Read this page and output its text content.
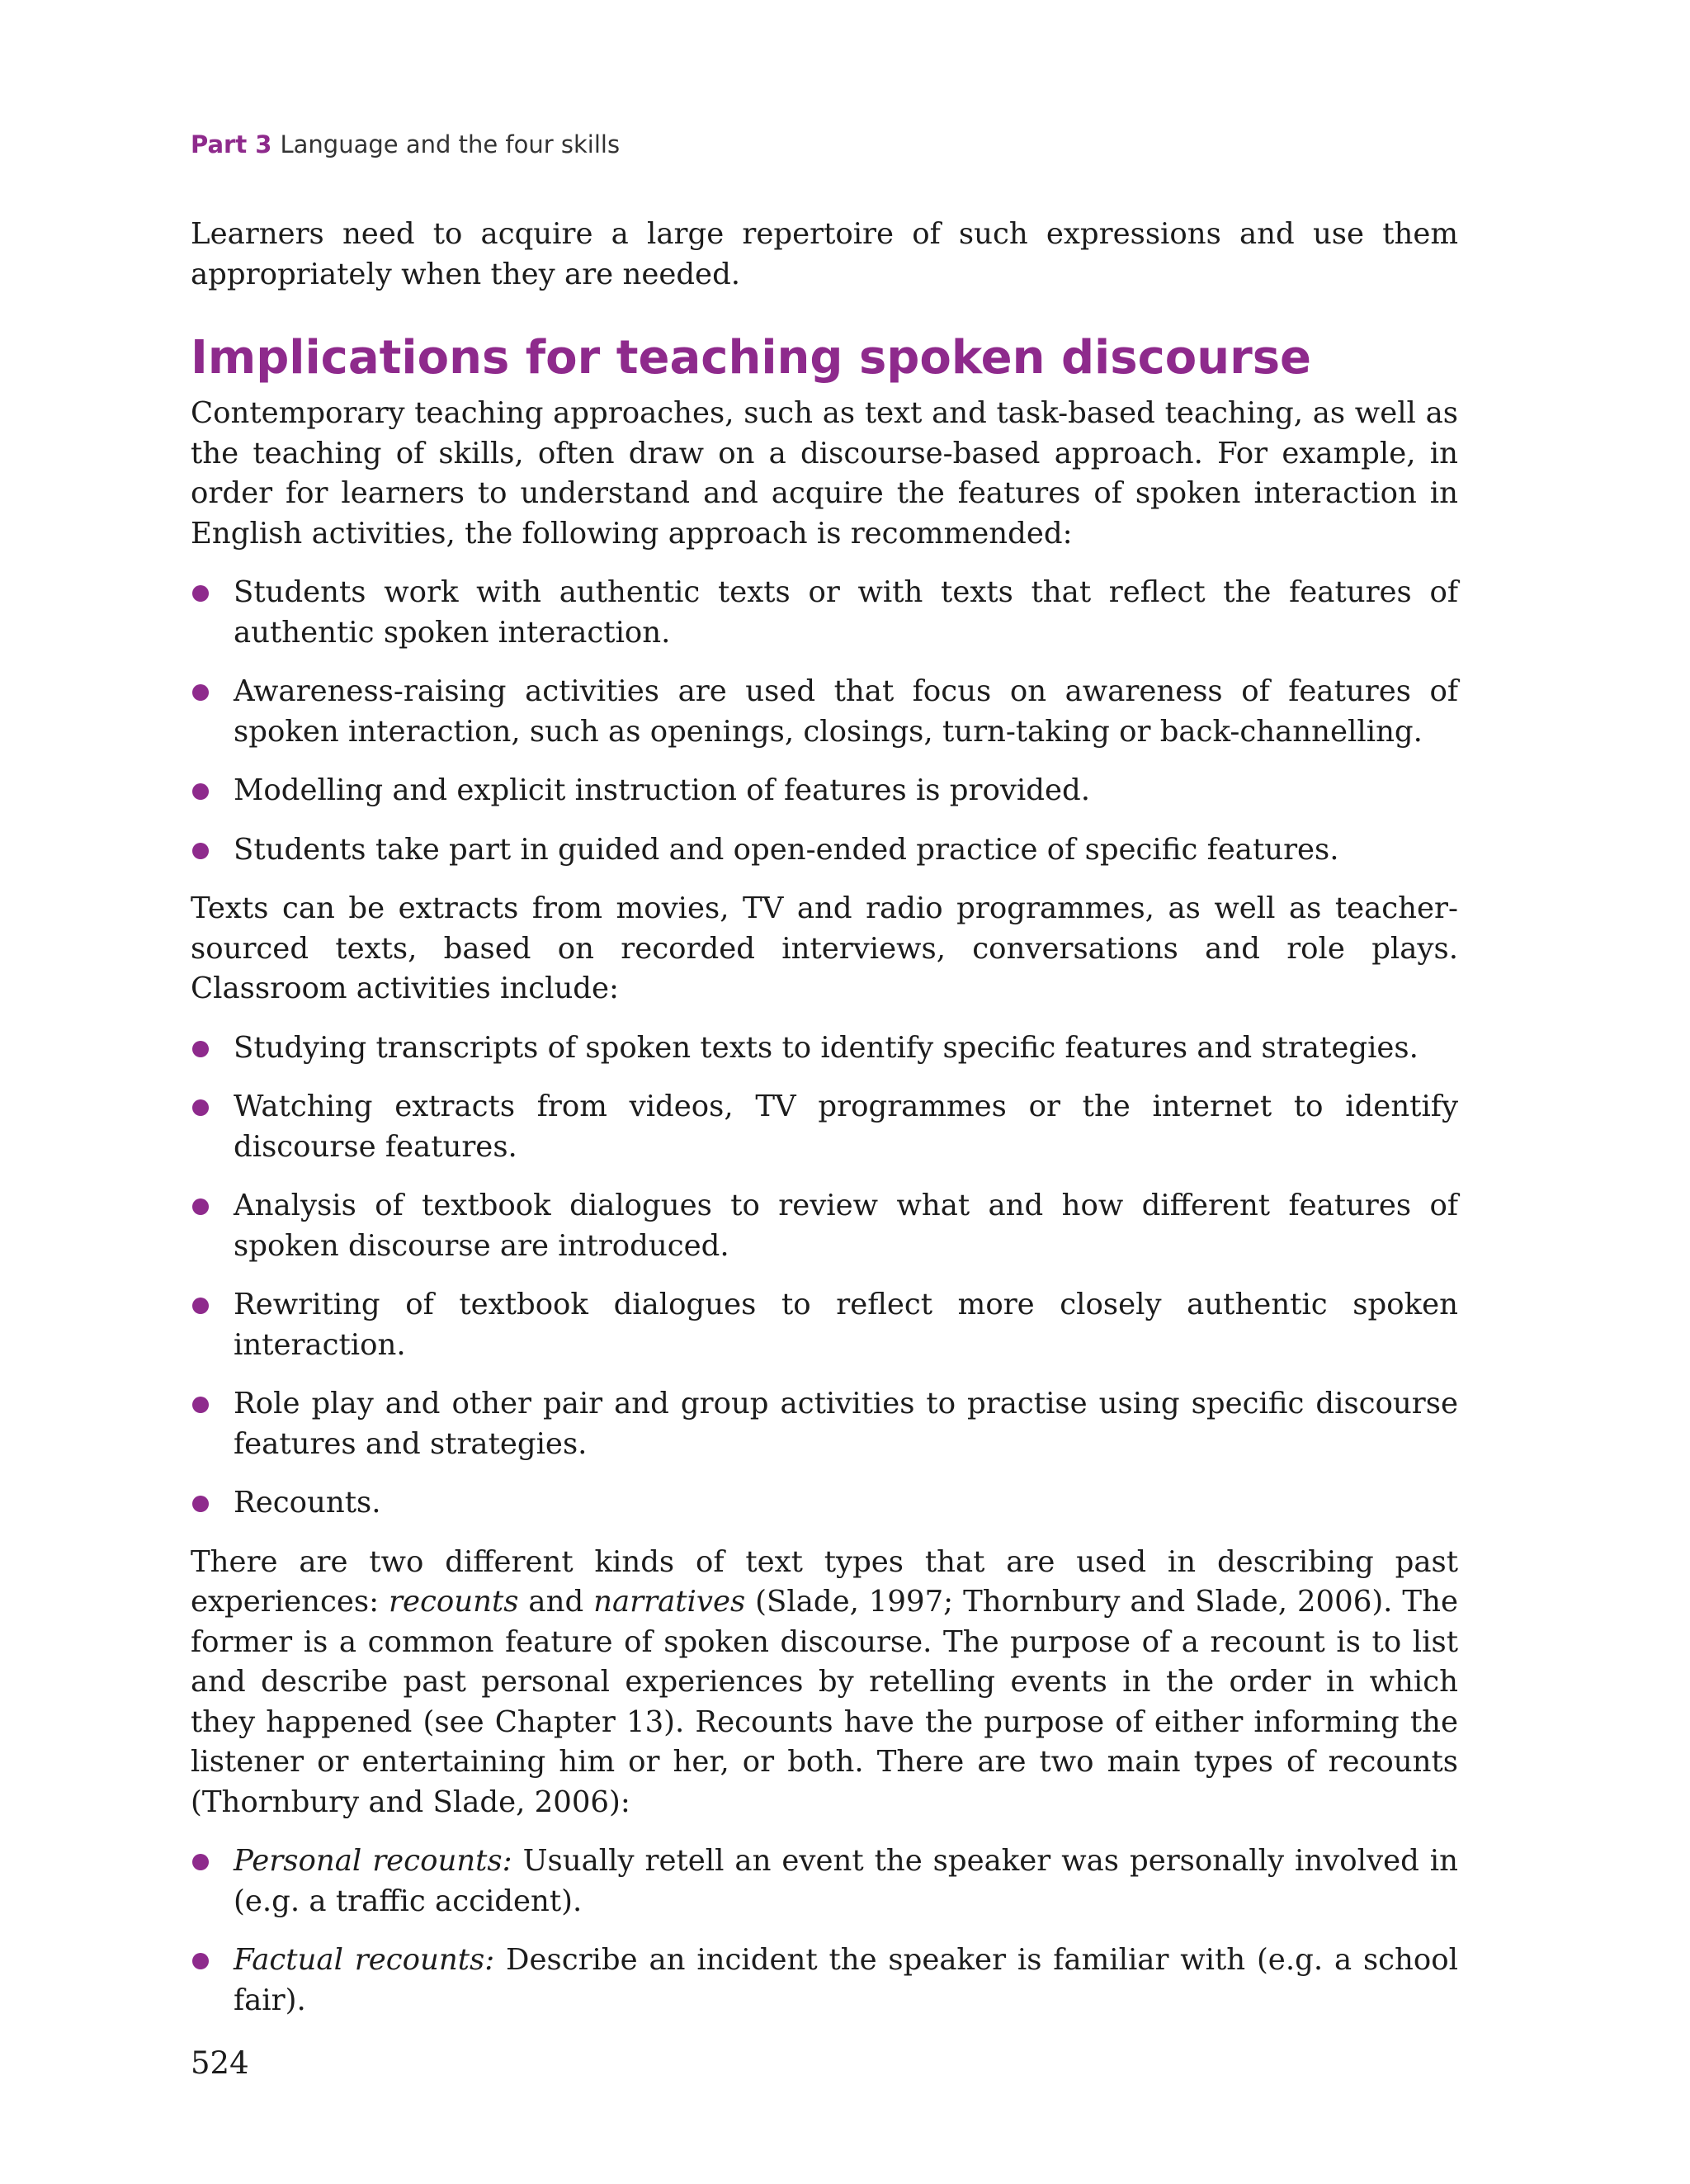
Part 3 Language and the four skills

Learners need to acquire a large repertoire of such expressions and use them appropriately when they are needed.

Implications for teaching spoken discourse

Contemporary teaching approaches, such as text and task-based teaching, as well as the teaching of skills, often draw on a discourse-based approach. For example, in order for learners to understand and acquire the features of spoken interaction in English activities, the following approach is recommended:

Students work with authentic texts or with texts that reflect the features of authentic spoken interaction.
Awareness-raising activities are used that focus on awareness of features of spoken interaction, such as openings, closings, turn-taking or back-channelling.
Modelling and explicit instruction of features is provided.
Students take part in guided and open-ended practice of specific features.

Texts can be extracts from movies, TV and radio programmes, as well as teacher-sourced texts, based on recorded interviews, conversations and role plays. Classroom activities include:

Studying transcripts of spoken texts to identify specific features and strategies.
Watching extracts from videos, TV programmes or the internet to identify discourse features.
Analysis of textbook dialogues to review what and how different features of spoken discourse are introduced.
Rewriting of textbook dialogues to reflect more closely authentic spoken interaction.
Role play and other pair and group activities to practise using specific discourse features and strategies.
Recounts.

There are two different kinds of text types that are used in describing past experiences: recounts and narratives (Slade, 1997; Thornbury and Slade, 2006). The former is a common feature of spoken discourse. The purpose of a recount is to list and describe past personal experiences by retelling events in the order in which they happened (see Chapter 13). Recounts have the purpose of either informing the listener or entertaining him or her, or both. There are two main types of recounts (Thornbury and Slade, 2006):

Personal recounts: Usually retell an event the speaker was personally involved in (e.g. a traffic accident).
Factual recounts: Describe an incident the speaker is familiar with (e.g. a school fair).
524
